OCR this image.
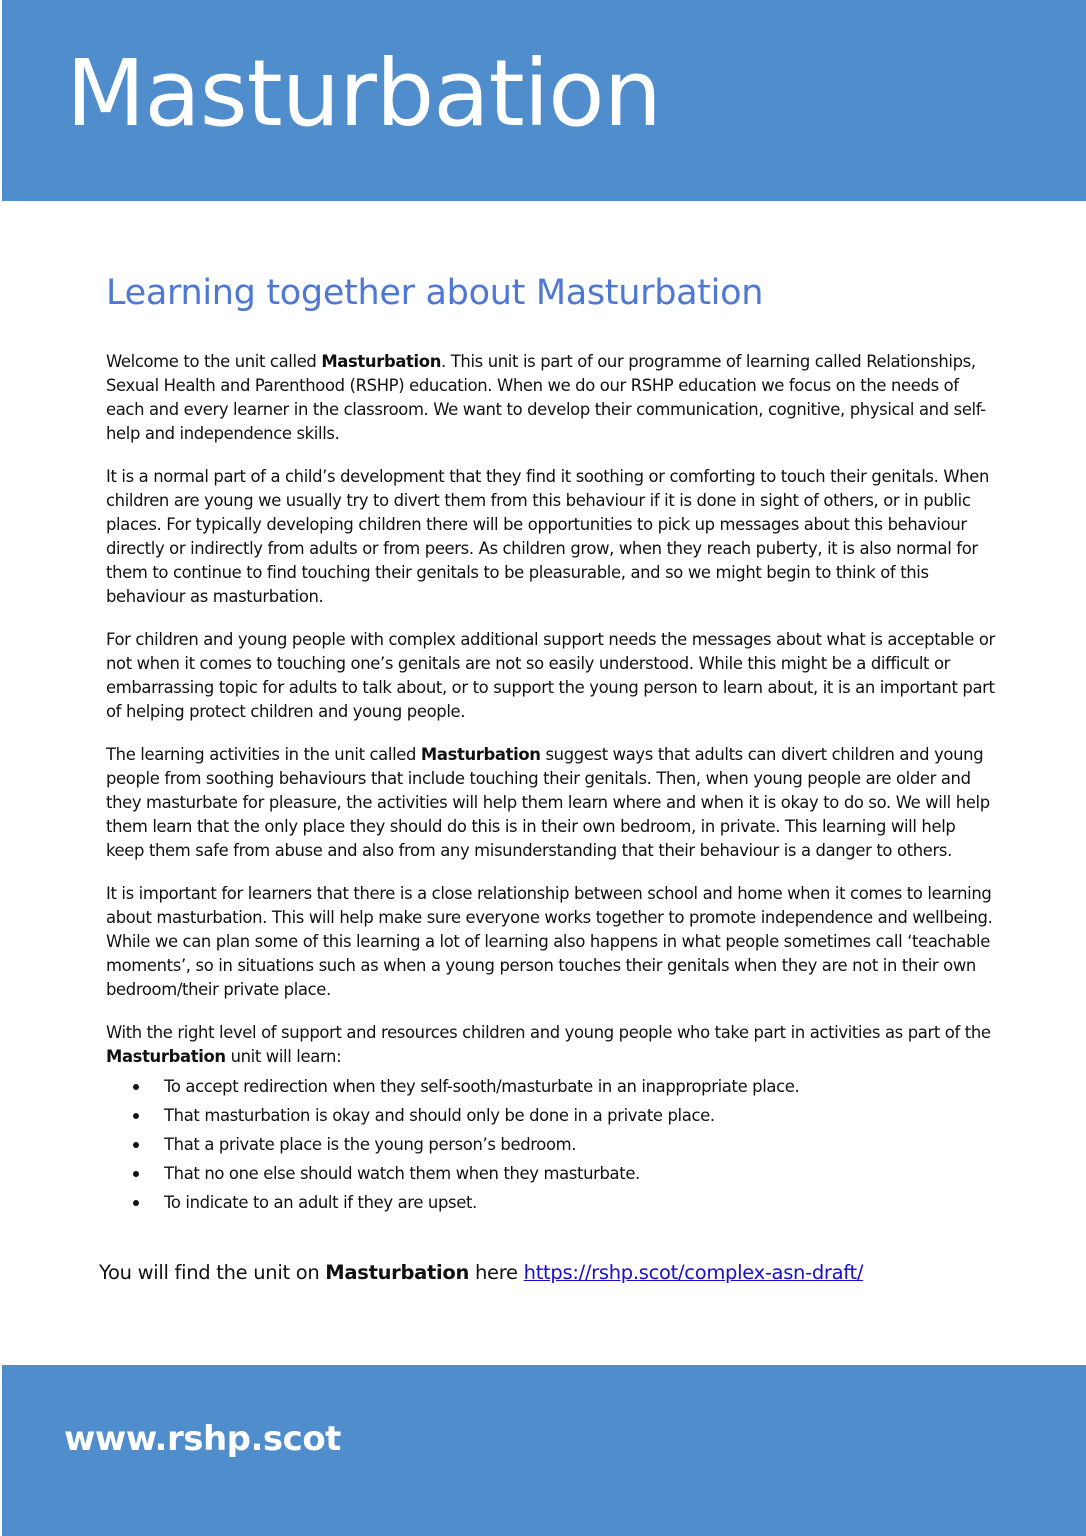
Masturbation
Learning together about Masturbation

Welcome to the unit called Masturbation. This unit is part of our programme of learning called Relationships, Sexual Health and Parenthood (RSHP) education. When we do our RSHP education we focus on the needs of each and every learner in the classroom. We want to develop their communication, cognitive, physical and self-help and independence skills.

It is a normal part of a child’s development that they find it soothing or comforting to touch their genitals. When children are young we usually try to divert them from this behaviour if it is done in sight of others, or in public places. For typically developing children there will be opportunities to pick up messages about this behaviour directly or indirectly from adults or from peers. As children grow, when they reach puberty, it is also normal for them to continue to find touching their genitals to be pleasurable, and so we might begin to think of this behaviour as masturbation.

For children and young people with complex additional support needs the messages about what is acceptable or not when it comes to touching one’s genitals are not so easily understood. While this might be a difficult or embarrassing topic for adults to talk about, or to support the young person to learn about, it is an important part of helping protect children and young people.

The learning activities in the unit called Masturbation suggest ways that adults can divert children and young people from soothing behaviours that include touching their genitals. Then, when young people are older and they masturbate for pleasure, the activities will help them learn where and when it is okay to do so. We will help them learn that the only place they should do this is in their own bedroom, in private. This learning will help keep them safe from abuse and also from any misunderstanding that their behaviour is a danger to others.

It is important for learners that there is a close relationship between school and home when it comes to learning about masturbation. This will help make sure everyone works together to promote independence and wellbeing. While we can plan some of this learning a lot of learning also happens in what people sometimes call ‘teachable moments’, so in situations such as when a young person touches their genitals when they are not in their own bedroom/their private place.

With the right level of support and resources children and young people who take part in activities as part of the Masturbation unit will learn:

To accept redirection when they self-sooth/masturbate in an inappropriate place.
That masturbation is okay and should only be done in a private place.
That a private place is the young person’s bedroom.
That no one else should watch them when they masturbate.
To indicate to an adult if they are upset.
You will find the unit on Masturbation here https://rshp.scot/complex-asn-draft/
www.rshp.scot
